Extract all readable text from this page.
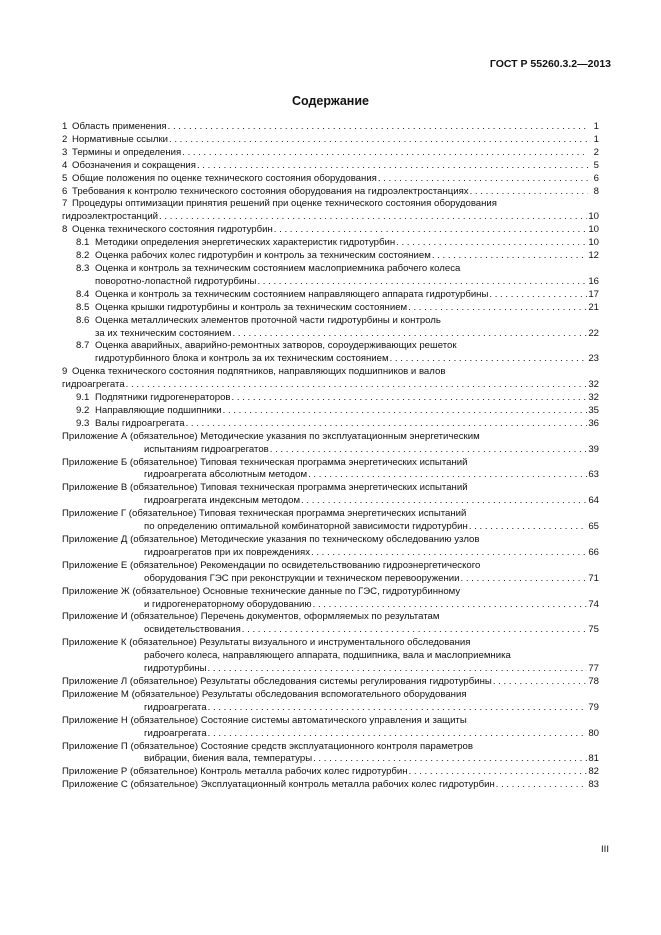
ГОСТ Р 55260.3.2—2013
Содержание
1 Область применения . . .	1
2 Нормативные ссылки . . .	1
3 Термины и определения . . .	2
4 Обозначения и сокращения . . .	5
5 Общие положения по оценке технического состояния оборудования . . .	6
6 Требования к контролю технического состояния оборудования на гидроэлектростанциях . . .	8
7 Процедуры оптимизации принятия решений при оценке технического состояния оборудования
гидроэлектростанций . . .	10
8 Оценка технического состояния гидротурбин . . .	10
8.1 Методики определения энергетических характеристик гидротурбин . . .	10
8.2 Оценка рабочих колес гидротурбин и контроль за техническим состоянием . . .	12
8.3 Оценка и контроль за техническим состоянием маслоприемника рабочего колеса
поворотно-лопастной гидротурбины . . .	16
8.4 Оценка и контроль за техническим состоянием направляющего аппарата гидротурбины . . .	17
8.5 Оценка крышки гидротурбины и контроль за техническим состоянием . . .	21
8.6 Оценка металлических элементов проточной части гидротурбины и контроль
за их техническим состоянием . . .	22
8.7 Оценка аварийных, аварийно-ремонтных затворов, сороудерживающих решеток
гидротурбинного блока и контроль за их техническим состоянием . . .	23
9 Оценка технического состояния подпятников, направляющих подшипников и валов
гидроагрегата . . .	32
9.1 Подпятники гидрогенераторов . . .	32
9.2 Направляющие подшипники . . .	35
9.3 Валы гидроагрегата . . .	36
Приложение А (обязательное) Методические указания по эксплуатационным энергетическим
испытаниям гидроагрегатов . . .	39
Приложение Б (обязательное) Типовая техническая программа энергетических испытаний
гидроагрегата абсолютным методом . . .	63
Приложение В (обязательное) Типовая техническая программа энергетических испытаний
гидроагрегата индексным методом . . .	64
Приложение Г (обязательное) Типовая техническая программа энергетических испытаний
по определению оптимальной комбинаторной зависимости гидротурбин . . .	65
Приложение Д (обязательное) Методические указания по техническому обследованию узлов
гидроагрегатов при их повреждениях . . .	66
Приложение Е (обязательное) Рекомендации по освидетельствованию гидроэнергетического
оборудования ГЭС при реконструкции и техническом перевооружении . . .	71
Приложение Ж (обязательное) Основные технические данные по ГЭС, гидротурбинному
и гидрогенераторному оборудованию . . .	74
Приложение И (обязательное) Перечень документов, оформляемых по результатам
освидетельствования . . .	75
Приложение К (обязательное) Результаты визуального и инструментального обследования
рабочего колеса, направляющего аппарата, подшипника, вала и маслоприемника
гидротурбины . . .	77
Приложение Л (обязательное) Результаты обследования системы регулирования гидротурбины . . .	78
Приложение М (обязательное) Результаты обследования вспомогательного оборудования
гидроагрегата . . .	79
Приложение Н (обязательное) Состояние системы автоматического управления и защиты
гидроагрегата . . .	80
Приложение П (обязательное) Состояние средств эксплуатационного контроля параметров
вибрации, биения вала, температуры . . .	81
Приложение Р (обязательное) Контроль металла рабочих колес гидротурбин . . .	82
Приложение С (обязательное) Эксплуатационный контроль металла рабочих колес гидротурбин . . .	83
III
